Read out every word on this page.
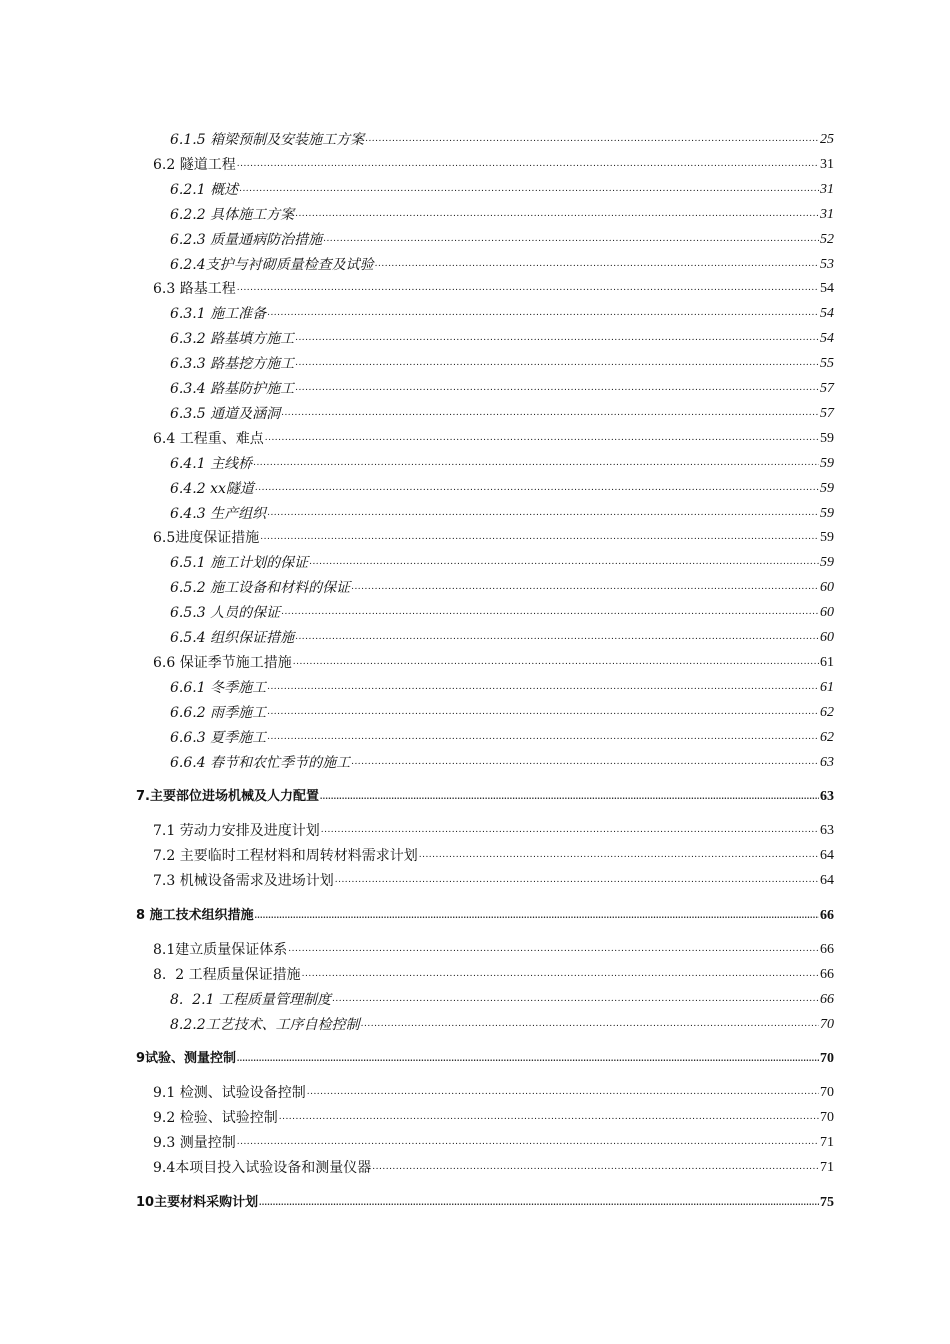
6.1.5 箱梁预制及安装施工方案 .....	25
6.2 隧道工程 .....	31
6.2.1 概述 .....	31
6.2.2 具体施工方案 .....	31
6.2.3 质量通病防治措施 .....	52
6.2.4支护与衬砌质量检查及试验 .....	53
6.3 路基工程 .....	54
6.3.1 施工准备 .....	54
6.3.2 路基填方施工 .....	54
6.3.3 路基挖方施工 .....	55
6.3.4 路基防护施工 .....	57
6.3.5 通道及涵洞 .....	57
6.4 工程重、难点 .....	59
6.4.1 主线桥 .....	59
6.4.2 xx隧道 .....	59
6.4.3 生产组织 .....	59
6.5进度保证措施 .....	59
6.5.1 施工计划的保证 .....	59
6.5.2 施工设备和材料的保证 .....	60
6.5.3 人员的保证 .....	60
6.5.4 组织保证措施 .....	60
6.6 保证季节施工措施 .....	61
6.6.1 冬季施工 .....	61
6.6.2 雨季施工 .....	62
6.6.3 夏季施工 .....	62
6.6.4 春节和农忙季节的施工 .....	63
7.主要部位进场机械及人力配置 .....	63
7.1 劳动力安排及进度计划 .....	63
7.2 主要临时工程材料和周转材料需求计划 .....	64
7.3 机械设备需求及进场计划 .....	64
8 施工技术组织措施 .....	66
8.1建立质量保证体系 .....	66
8.  2 工程质量保证措施 .....	66
8.  2.1 工程质量管理制度 .....	66
8.2.2工艺技术、工序自检控制 .....	70
9试验、测量控制 .....	70
9.1 检测、试验设备控制 .....	70
9.2 检验、试验控制 .....	70
9.3 测量控制 .....	71
9.4本项目投入试验设备和测量仪器 .....	71
10主要材料采购计划 .....	75
